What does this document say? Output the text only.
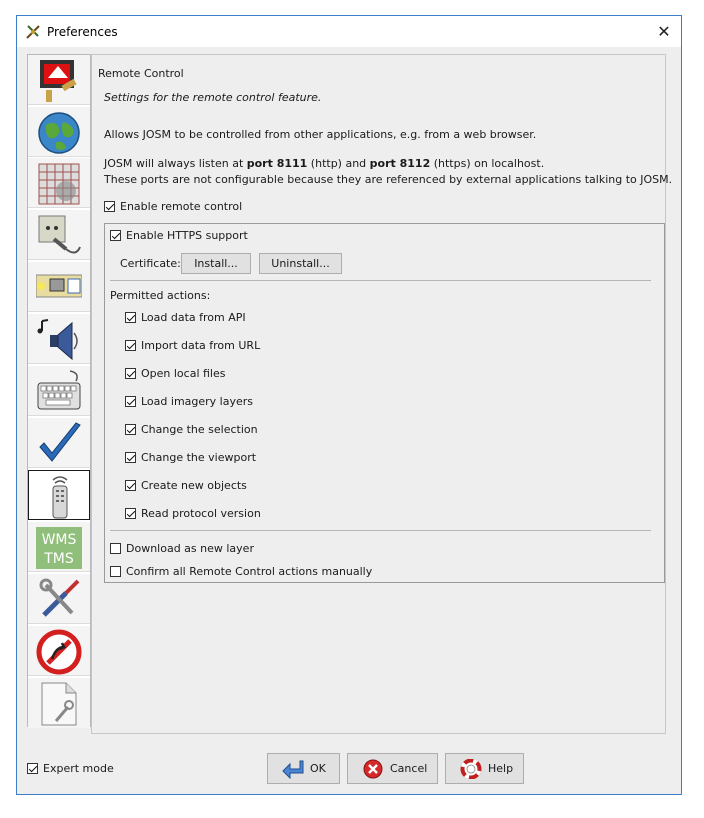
Preferences	✕
WMS
TMS
Remote Control
Settings for the remote control feature.
Allows JOSM to be controlled from other applications, e.g. from a web browser.
JOSM will always listen at port 8111 (http) and port 8112 (https) on localhost.
These ports are not configurable because they are referenced by external applications talking to JOSM.
Enable remote control
Enable HTTPS support
Certificate:	Install...	Uninstall...
Permitted actions:
Load data from API
Import data from URL
Open local files
Load imagery layers
Change the selection
Change the viewport
Create new objects
Read protocol version
Download as new layer
Confirm all Remote Control actions manually
Expert mode	OK	Cancel	Help
